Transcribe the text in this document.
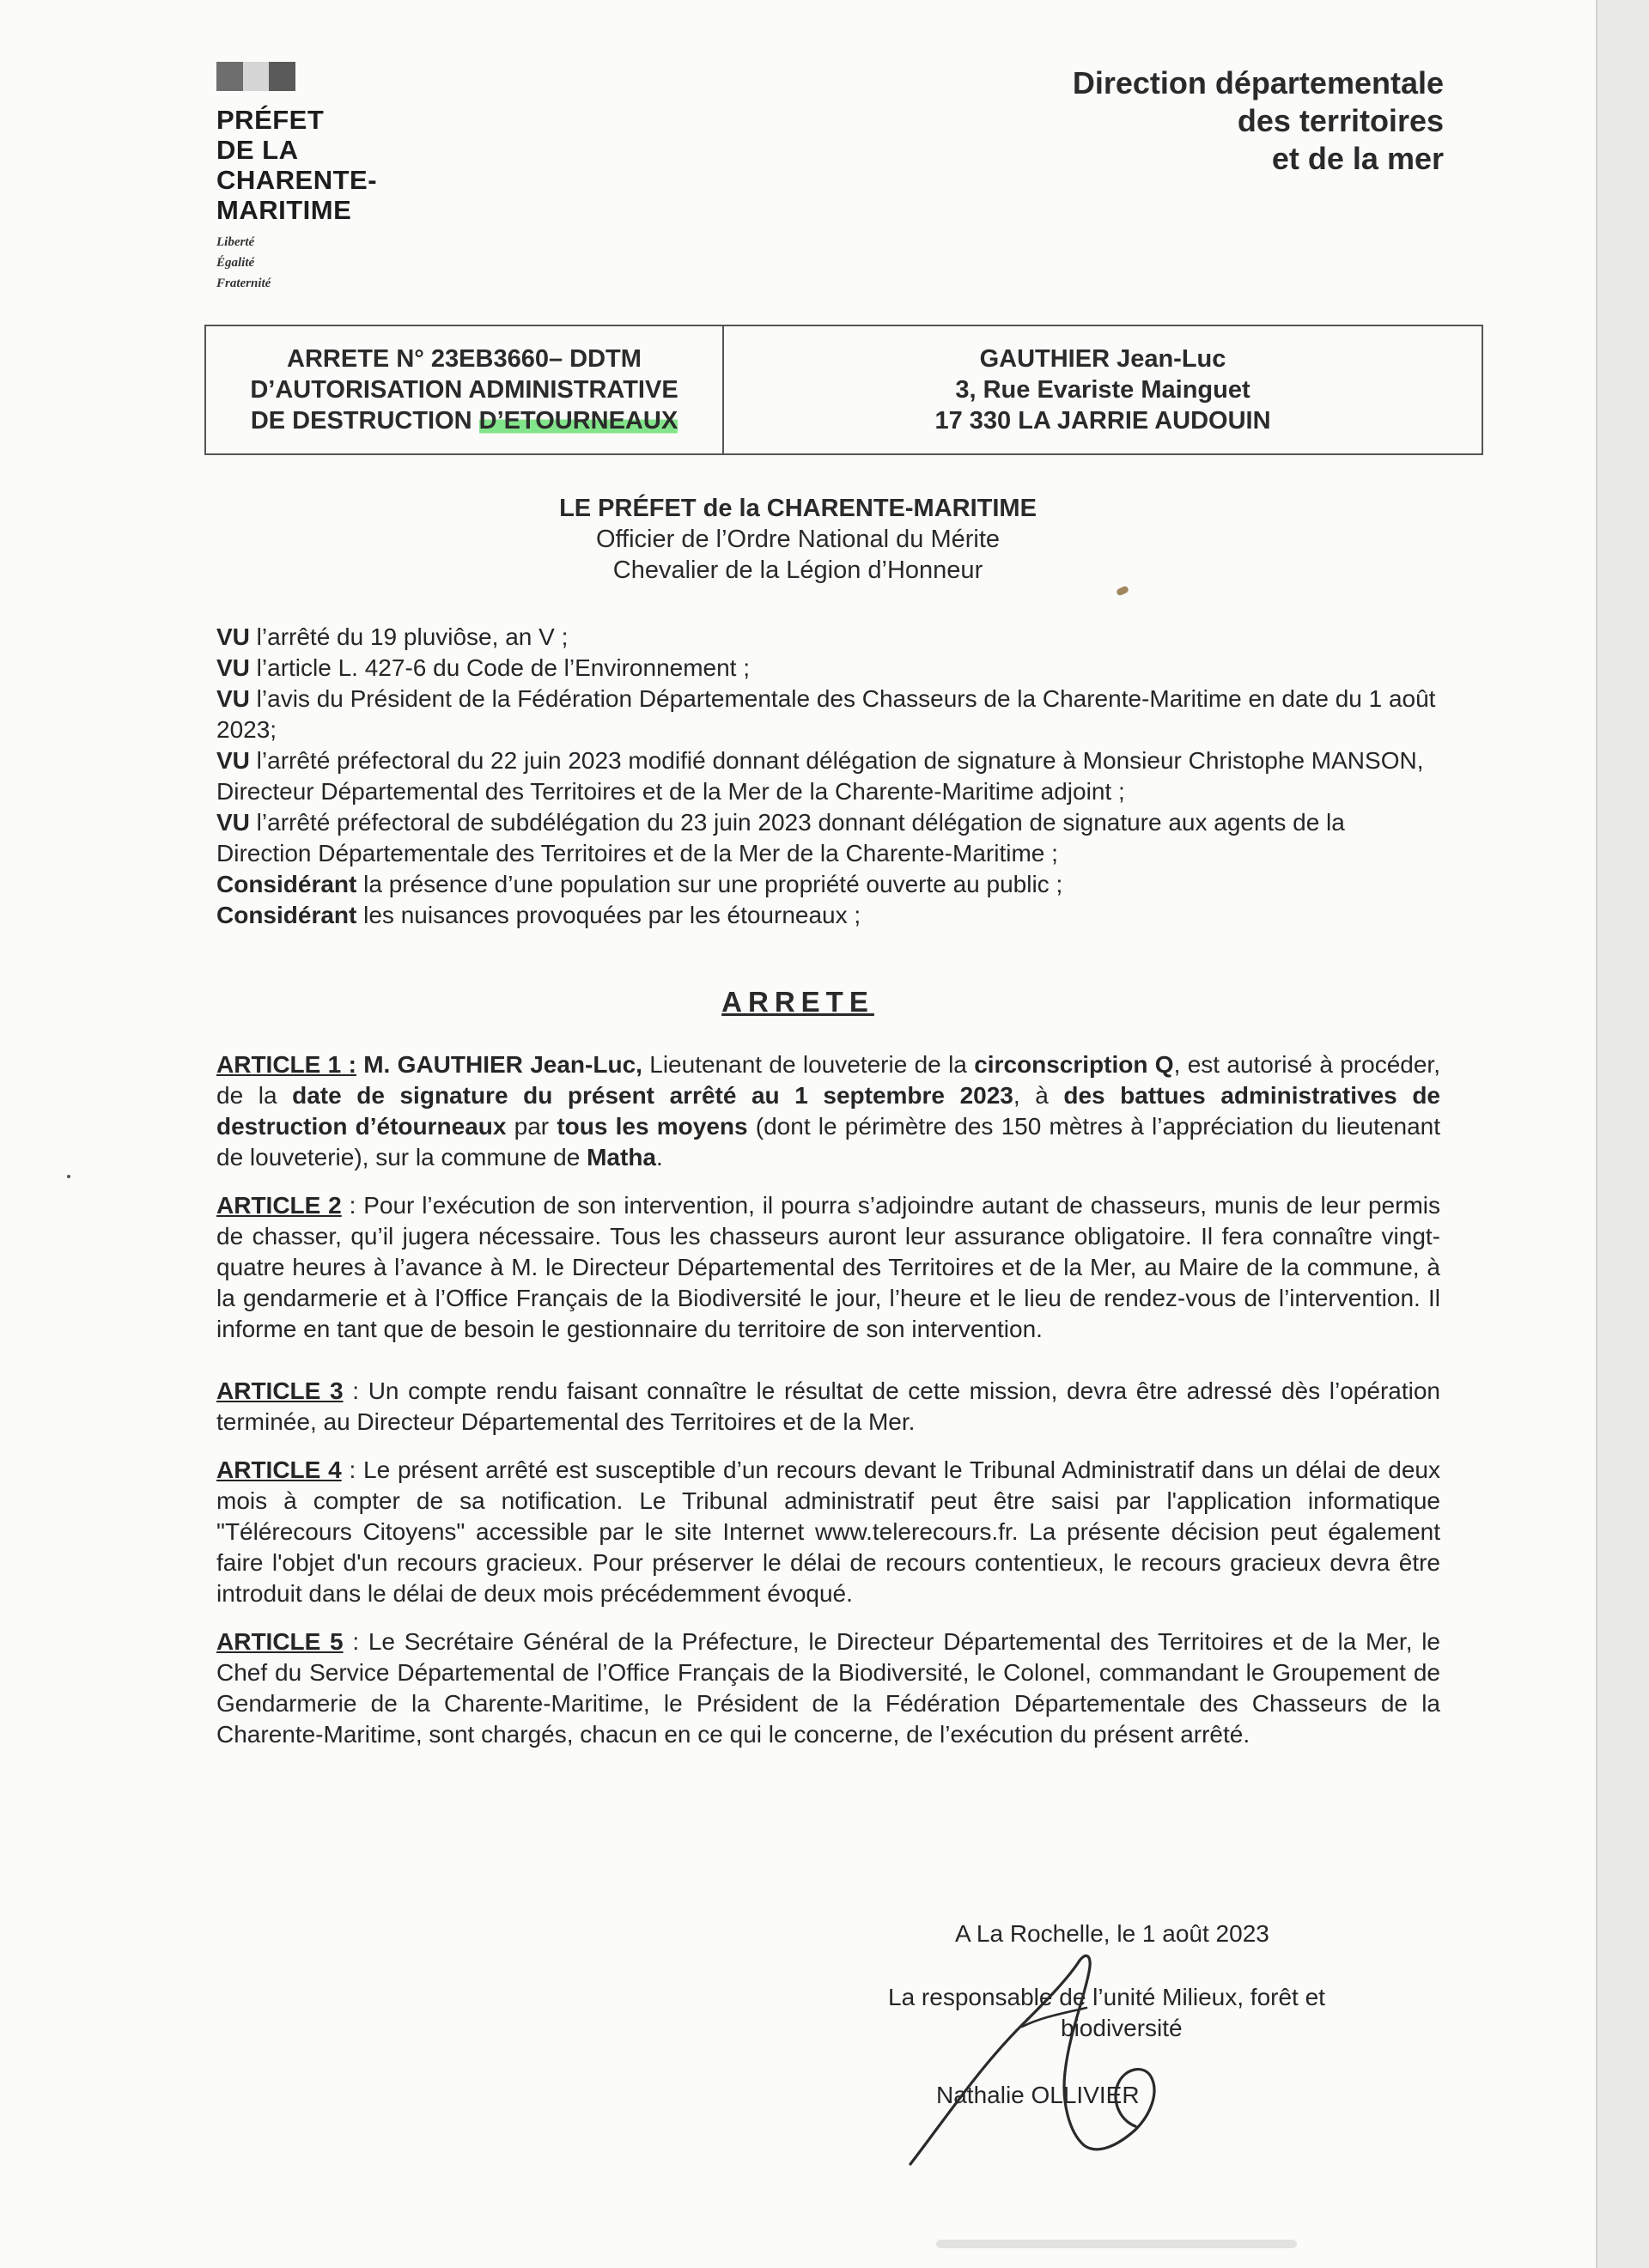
PRÉFET
DE LA
CHARENTE-
MARITIME
Liberté
Égalité
Fraternité
Direction départementale
des territoires
et de la mer
ARRETE N° 23EB3660– DDTM
D’AUTORISATION ADMINISTRATIVE
DE DESTRUCTION D’ETOURNEAUX
GAUTHIER Jean-Luc
3, Rue Evariste Mainguet
17 330 LA JARRIE AUDOUIN
LE PRÉFET de la CHARENTE-MARITIME
Officier de l’Ordre National du Mérite
Chevalier de la Légion d’Honneur

VU l’arrêté du 19 pluviôse, an V ;

VU l’article L. 427-6 du Code de l’Environnement ;

VU l’avis du Président de la Fédération Départementale des Chasseurs de la Charente-Maritime en date du 1 août 2023;

VU l’arrêté préfectoral du 22 juin 2023 modifié donnant délégation de signature à Monsieur Christophe MANSON, Directeur Départemental des Territoires et de la Mer de la Charente-Maritime adjoint ;

VU l’arrêté préfectoral de subdélégation du 23 juin 2023 donnant délégation de signature aux agents de la Direction Départementale des Territoires et de la Mer de la Charente-Maritime ;

Considérant la présence d’une population sur une propriété ouverte au public ;

Considérant les nuisances provoquées par les étourneaux ;

ARRETE

ARTICLE 1 : M. GAUTHIER Jean-Luc, Lieutenant de louveterie de la circonscription Q, est autorisé à procéder, de la date de signature du présent arrêté au 1 septembre 2023, à des battues administratives de destruction d’étourneaux par tous les moyens (dont le périmètre des 150 mètres à l’appréciation du lieutenant de louveterie), sur la commune de Matha.

ARTICLE 2 : Pour l’exécution de son intervention, il pourra s’adjoindre autant de chasseurs, munis de leur permis de chasser, qu’il jugera nécessaire. Tous les chasseurs auront leur assurance obligatoire. Il fera connaître vingt-quatre heures à l’avance à M. le Directeur Départemental des Territoires et de la Mer, au Maire de la commune, à la gendarmerie et à l’Office Français de la Biodiversité le jour, l’heure et le lieu de rendez-vous de l’intervention. Il informe en tant que de besoin le gestionnaire du territoire de son intervention.

ARTICLE 3 : Un compte rendu faisant connaître le résultat de cette mission, devra être adressé dès l’opération terminée, au Directeur Départemental des Territoires et de la Mer.

ARTICLE 4 : Le présent arrêté est susceptible d’un recours devant le Tribunal Administratif dans un délai de deux mois à compter de sa notification. Le Tribunal administratif peut être saisi par l'application informatique "Télérecours Citoyens" accessible par le site Internet www.telerecours.fr. La présente décision peut également faire l'objet d'un recours gracieux. Pour préserver le délai de recours contentieux, le recours gracieux devra être introduit dans le délai de deux mois précédemment évoqué.

ARTICLE 5 : Le Secrétaire Général de la Préfecture, le Directeur Départemental des Territoires et de la Mer, le Chef du Service Départemental de l’Office Français de la Biodiversité, le Colonel, commandant le Groupement de Gendarmerie de la Charente-Maritime, le Président de la Fédération Départementale des Chasseurs de la Charente-Maritime, sont chargés, chacun en ce qui le concerne, de l’exécution du présent arrêté.

A La Rochelle, le 1 août 2023
La responsable de l’unité Milieux, forêt et
biodiversité
Nathalie OLLIVIER
